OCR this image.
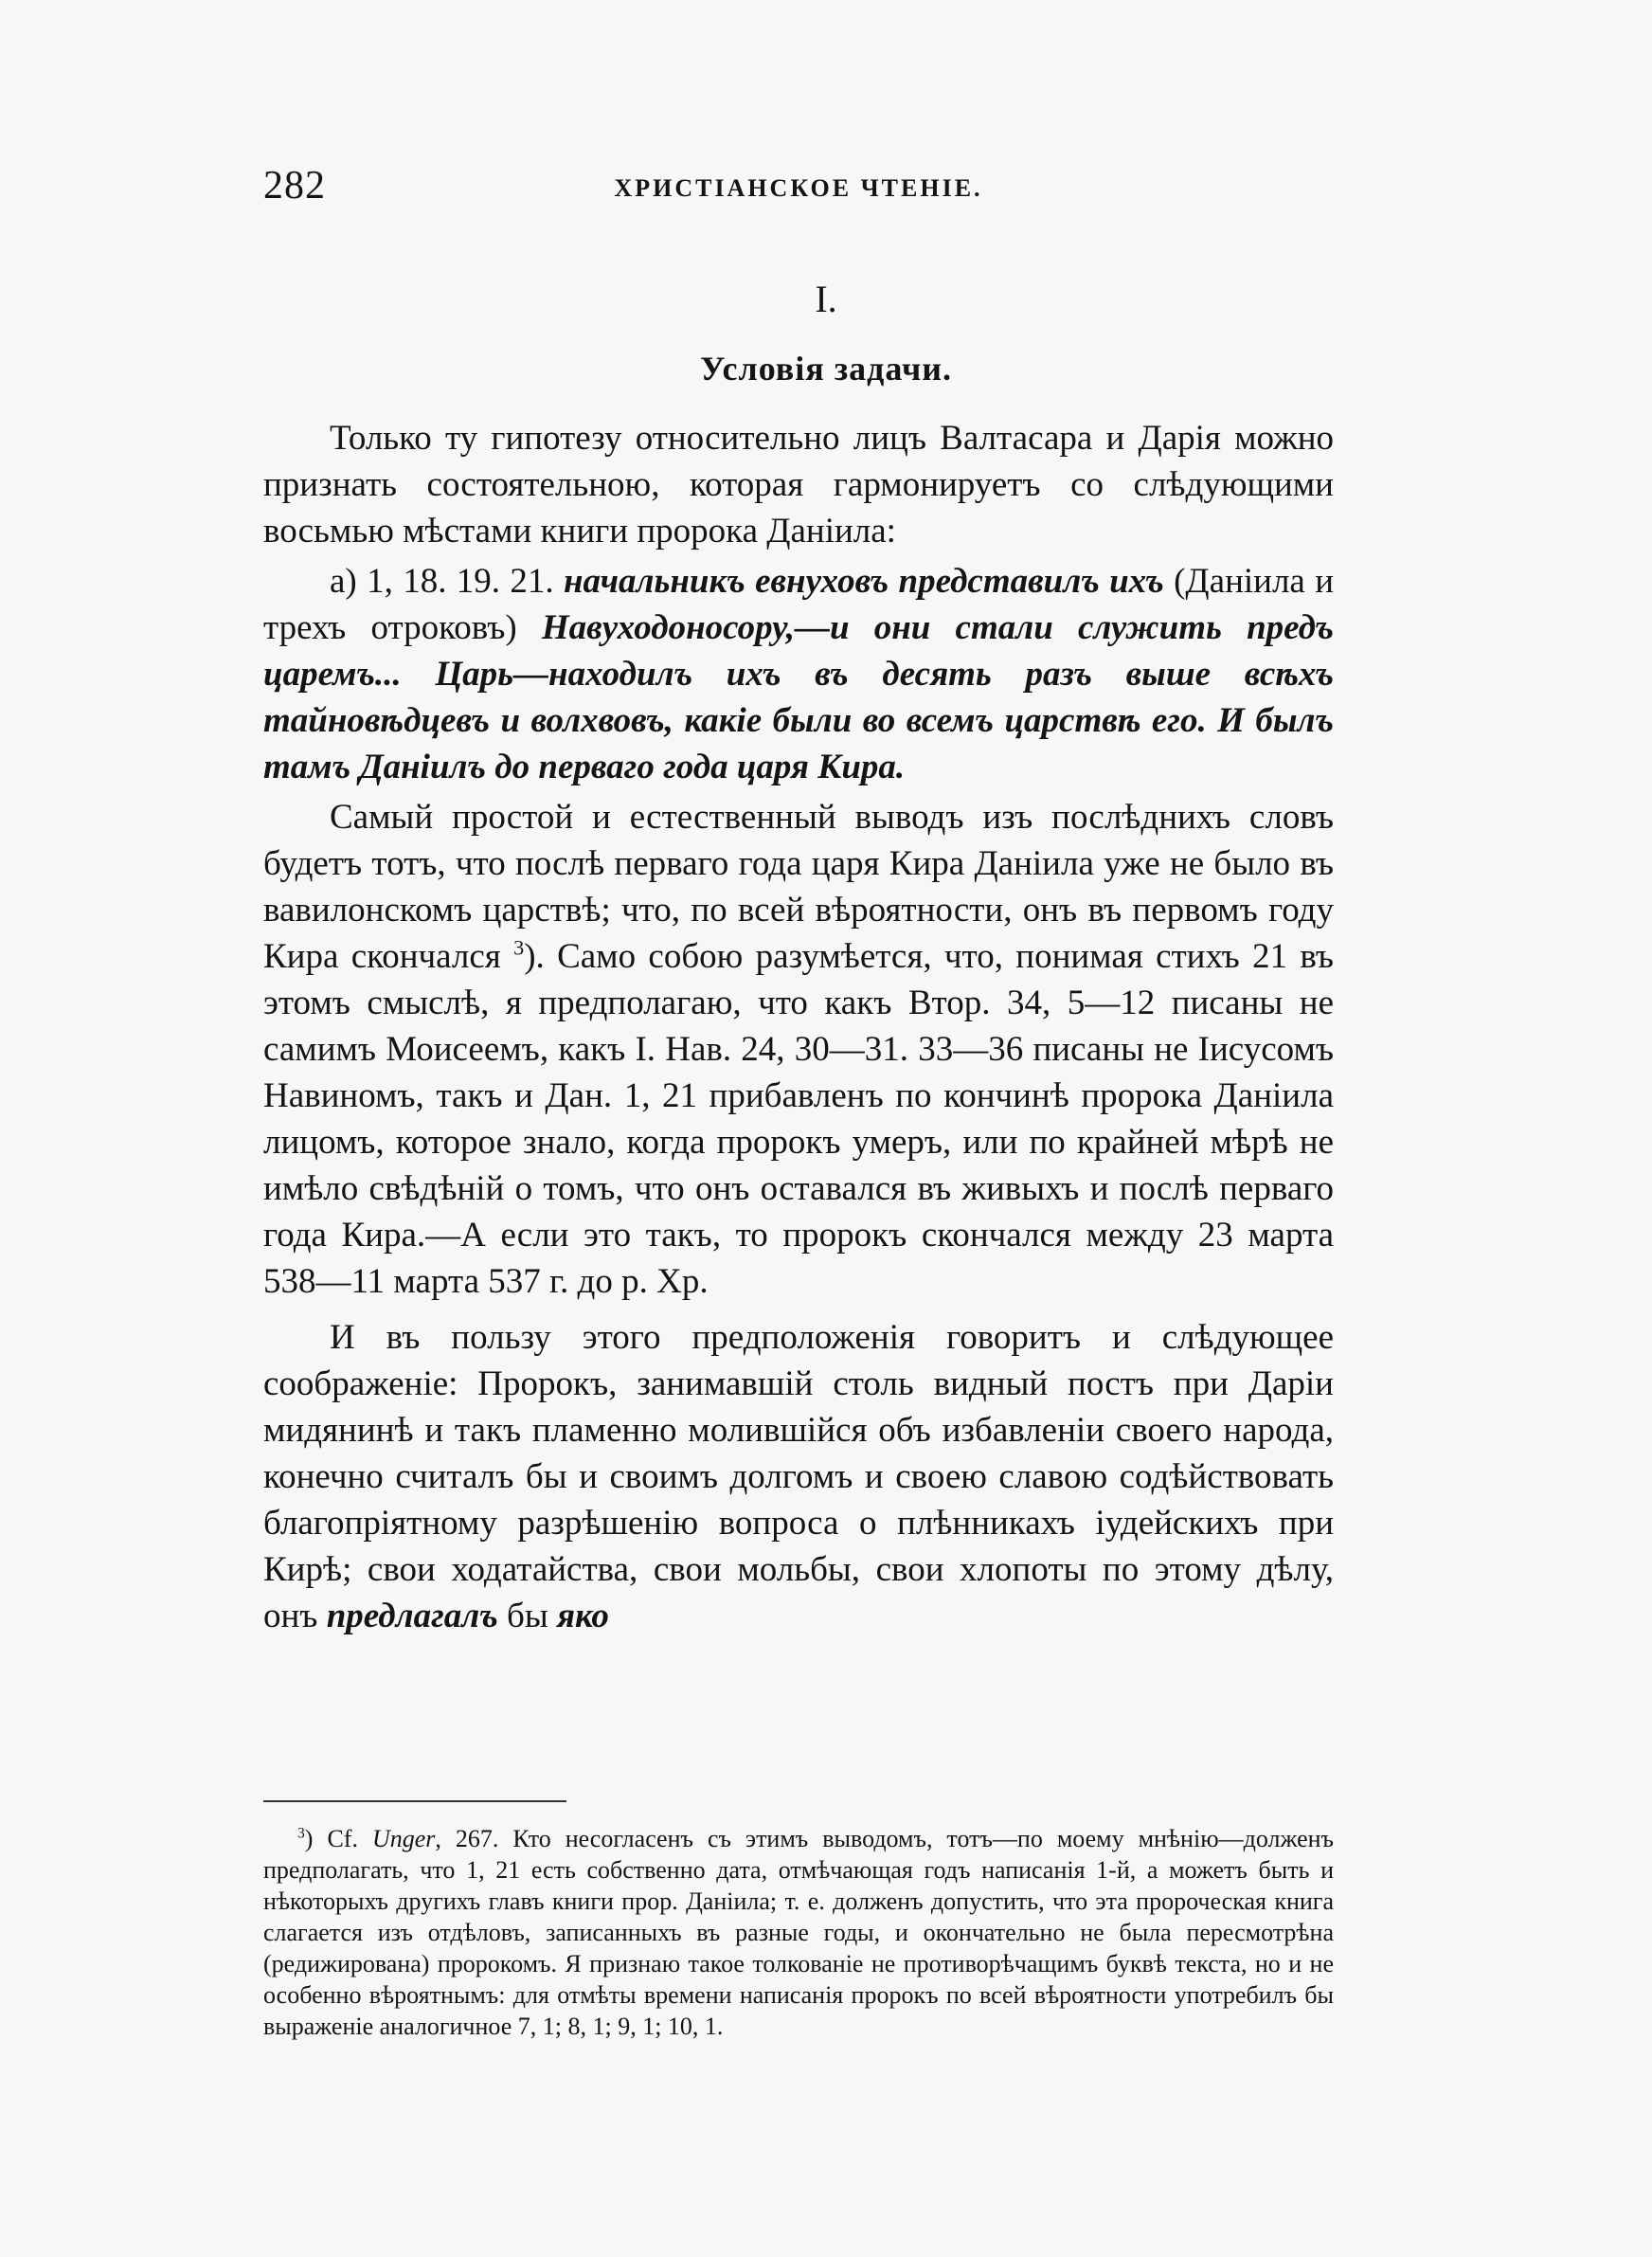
282	ХРИСТІАНСКОЕ ЧТЕНІЕ.
I.
Условія задачи.

Только ту гипотезу относительно лицъ Валтасара и Дарія можно признать состоятельною, которая гармонируетъ со слѣдующими восьмью мѣстами книги пророка Даніила:

а) 1, 18. 19. 21. начальникъ евнуховъ представилъ ихъ (Даніила и трехъ отроковъ) Навуходоносору,—и они стали служить предъ царемъ... Царь—находилъ ихъ въ десять разъ выше всѣхъ тайновѣдцевъ и волхвовъ, какіе были во всемъ царствѣ его. И былъ тамъ Даніилъ до перваго года царя Кира.

Самый простой и естественный выводъ изъ послѣднихъ словъ будетъ тотъ, что послѣ перваго года царя Кира Даніила уже не было въ вавилонскомъ царствѣ; что, по всей вѣроятности, онъ въ первомъ году Кира скончался $^3$). Само собою разумѣется, что, понимая стихъ 21 въ этомъ смыслѣ, я предполагаю, что какъ Втор. 34, 5—12 писаны не самимъ Моисеемъ, какъ I. Нав. 24, 30—31. 33—36 писаны не Іисусомъ Навиномъ, такъ и Дан. 1, 21 прибавленъ по кончинѣ пророка Даніила лицомъ, которое знало, когда пророкъ умеръ, или по крайней мѣрѣ не имѣло свѣдѣній о томъ, что онъ оставался въ живыхъ и послѣ перваго года Кира.—А если это такъ, то пророкъ скончался между 23 марта 538—11 марта 537 г. до р. Хр.

И въ пользу этого предположенія говоритъ и слѣдующее соображеніе: Пророкъ, занимавшій столь видный постъ при Даріи мидянинѣ и такъ пламенно молившійся объ избавленіи своего народа, конечно считалъ бы и своимъ долгомъ и своею славою содѣйствовать благопріятному разрѣшенію вопроса о плѣнникахъ іудейскихъ при Кирѣ; свои ходатайства, свои мольбы, свои хлопоты по этому дѣлу, онъ предлагалъ бы яко

$^3$) Cf. Unger, 267. Кто несогласенъ съ этимъ выводомъ, тотъ—по моему мнѣнію—долженъ предполагать, что 1, 21 есть собственно дата, отмѣчающая годъ написанія 1-й, а можетъ быть и нѣкоторыхъ другихъ главъ книги прор. Даніила; т. е. долженъ допустить, что эта пророческая книга слагается изъ отдѣловъ, записанныхъ въ разные годы, и окончательно не была пересмотрѣна (редижирована) пророкомъ. Я признаю такое толкованіе не противорѣчащимъ буквѣ текста, но и не особенно вѣроятнымъ: для отмѣты времени написанія пророкъ по всей вѣроятности употребилъ бы выраженіе аналогичное 7, 1; 8, 1; 9, 1; 10, 1.
